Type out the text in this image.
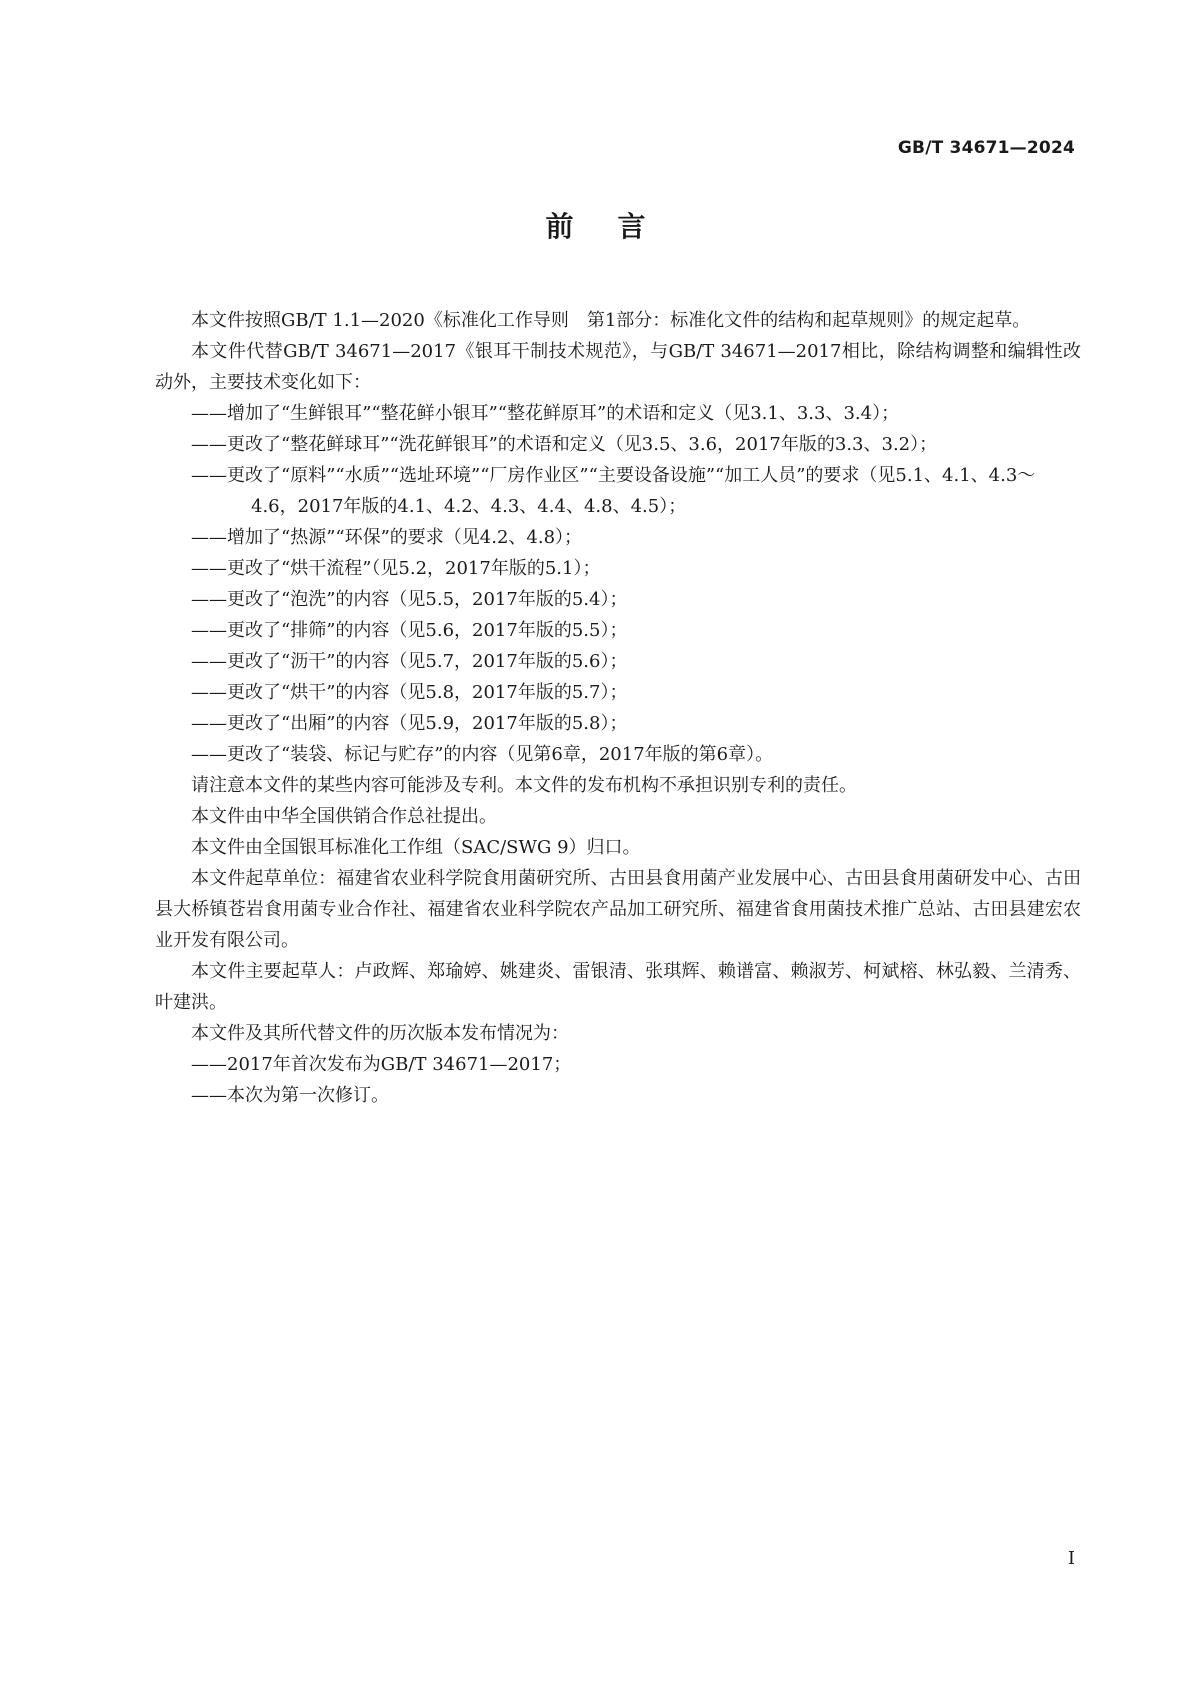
GB/T 34671—2024
前言

本文件按照GB/T 1.1—2020《标准化工作导则　第1部分：标准化文件的结构和起草规则》的规定起草。

本文件代替GB/T 34671—2017《银耳干制技术规范》，与GB/T 34671—2017相比，除结构调整和编辑性改动外，主要技术变化如下：

——增加了“生鲜银耳”“整花鲜小银耳”“整花鲜原耳”的术语和定义（见3.1、3.3、3.4）；

——更改了“整花鲜球耳”“洗花鲜银耳”的术语和定义（见3.5、3.6，2017年版的3.3、3.2）；

——更改了“原料”“水质”“选址环境”“厂房作业区”“主要设备设施”“加工人员”的要求（见5.1、4.1、4.3～4.6，2017年版的4.1、4.2、4.3、4.4、4.8、4.5）；

——增加了“热源”“环保”的要求（见4.2、4.8）；

——更改了“烘干流程”（见5.2，2017年版的5.1）；

——更改了“泡洗”的内容（见5.5，2017年版的5.4）；

——更改了“排筛”的内容（见5.6，2017年版的5.5）；

——更改了“沥干”的内容（见5.7，2017年版的5.6）；

——更改了“烘干”的内容（见5.8，2017年版的5.7）；

——更改了“出厢”的内容（见5.9，2017年版的5.8）；

——更改了“装袋、标记与贮存”的内容（见第6章，2017年版的第6章）。

请注意本文件的某些内容可能涉及专利。本文件的发布机构不承担识别专利的责任。

本文件由中华全国供销合作总社提出。

本文件由全国银耳标准化工作组（SAC/SWG 9）归口。

本文件起草单位：福建省农业科学院食用菌研究所、古田县食用菌产业发展中心、古田县食用菌研发中心、古田县大桥镇苍岩食用菌专业合作社、福建省农业科学院农产品加工研究所、福建省食用菌技术推广总站、古田县建宏农业开发有限公司。

本文件主要起草人：卢政辉、郑瑜婷、姚建炎、雷银清、张琪辉、赖谱富、赖淑芳、柯斌榕、林弘毅、兰清秀、叶建洪。

本文件及其所代替文件的历次版本发布情况为：

——2017年首次发布为GB/T 34671—2017；

——本次为第一次修订。

I
